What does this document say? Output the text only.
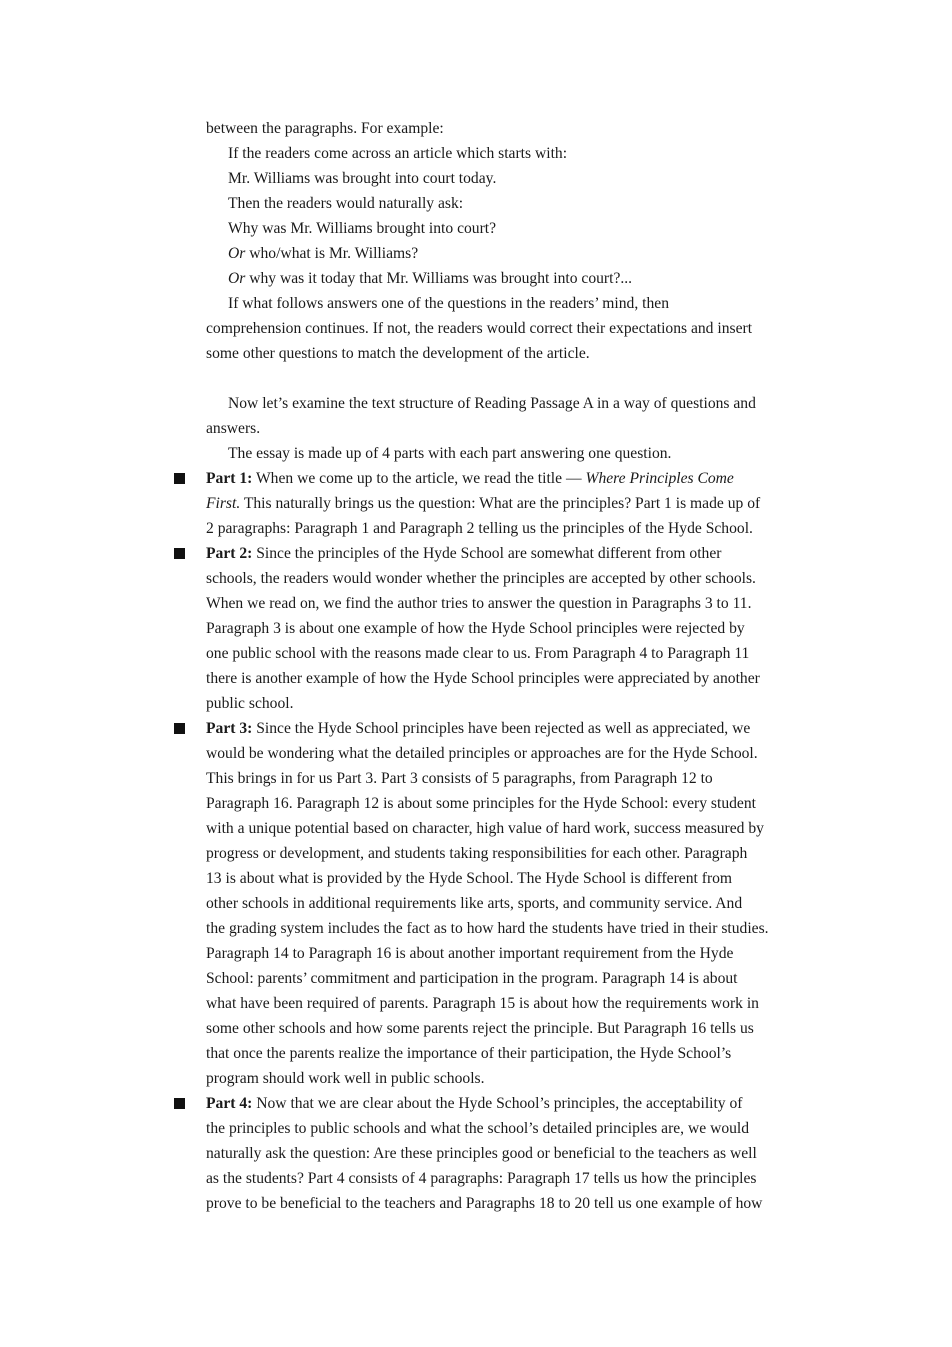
between the paragraphs. For example:
If the readers come across an article which starts with:
Mr. Williams was brought into court today.
Then the readers would naturally ask:
Why was Mr. Williams brought into court?
Or who/what is Mr. Williams?
Or why was it today that Mr. Williams was brought into court?...
If what follows answers one of the questions in the readers’ mind, then
comprehension continues. If not, the readers would correct their expectations and insert
some other questions to match the development of the article.
Now let’s examine the text structure of Reading Passage A in a way of questions and
answers.
The essay is made up of 4 parts with each part answering one question.
Part 1: When we come up to the article, we read the title — Where Principles Come
First. This naturally brings us the question: What are the principles? Part 1 is made up of
2 paragraphs: Paragraph 1 and Paragraph 2 telling us the principles of the Hyde School.
Part 2: Since the principles of the Hyde School are somewhat different from other
schools, the readers would wonder whether the principles are accepted by other schools.
When we read on, we find the author tries to answer the question in Paragraphs 3 to 11.
Paragraph 3 is about one example of how the Hyde School principles were rejected by
one public school with the reasons made clear to us. From Paragraph 4 to Paragraph 11
there is another example of how the Hyde School principles were appreciated by another
public school.
Part 3: Since the Hyde School principles have been rejected as well as appreciated, we
would be wondering what the detailed principles or approaches are for the Hyde School.
This brings in for us Part 3. Part 3 consists of 5 paragraphs, from Paragraph 12 to
Paragraph 16. Paragraph 12 is about some principles for the Hyde School: every student
with a unique potential based on character, high value of hard work, success measured by
progress or development, and students taking responsibilities for each other. Paragraph
13 is about what is provided by the Hyde School. The Hyde School is different from
other schools in additional requirements like arts, sports, and community service. And
the grading system includes the fact as to how hard the students have tried in their studies.
Paragraph 14 to Paragraph 16 is about another important requirement from the Hyde
School: parents’ commitment and participation in the program. Paragraph 14 is about
what have been required of parents. Paragraph 15 is about how the requirements work in
some other schools and how some parents reject the principle. But Paragraph 16 tells us
that once the parents realize the importance of their participation, the Hyde School’s
program should work well in public schools.
Part 4: Now that we are clear about the Hyde School’s principles, the acceptability of
the principles to public schools and what the school’s detailed principles are, we would
naturally ask the question: Are these principles good or beneficial to the teachers as well
as the students? Part 4 consists of 4 paragraphs: Paragraph 17 tells us how the principles
prove to be beneficial to the teachers and Paragraphs 18 to 20 tell us one example of how
